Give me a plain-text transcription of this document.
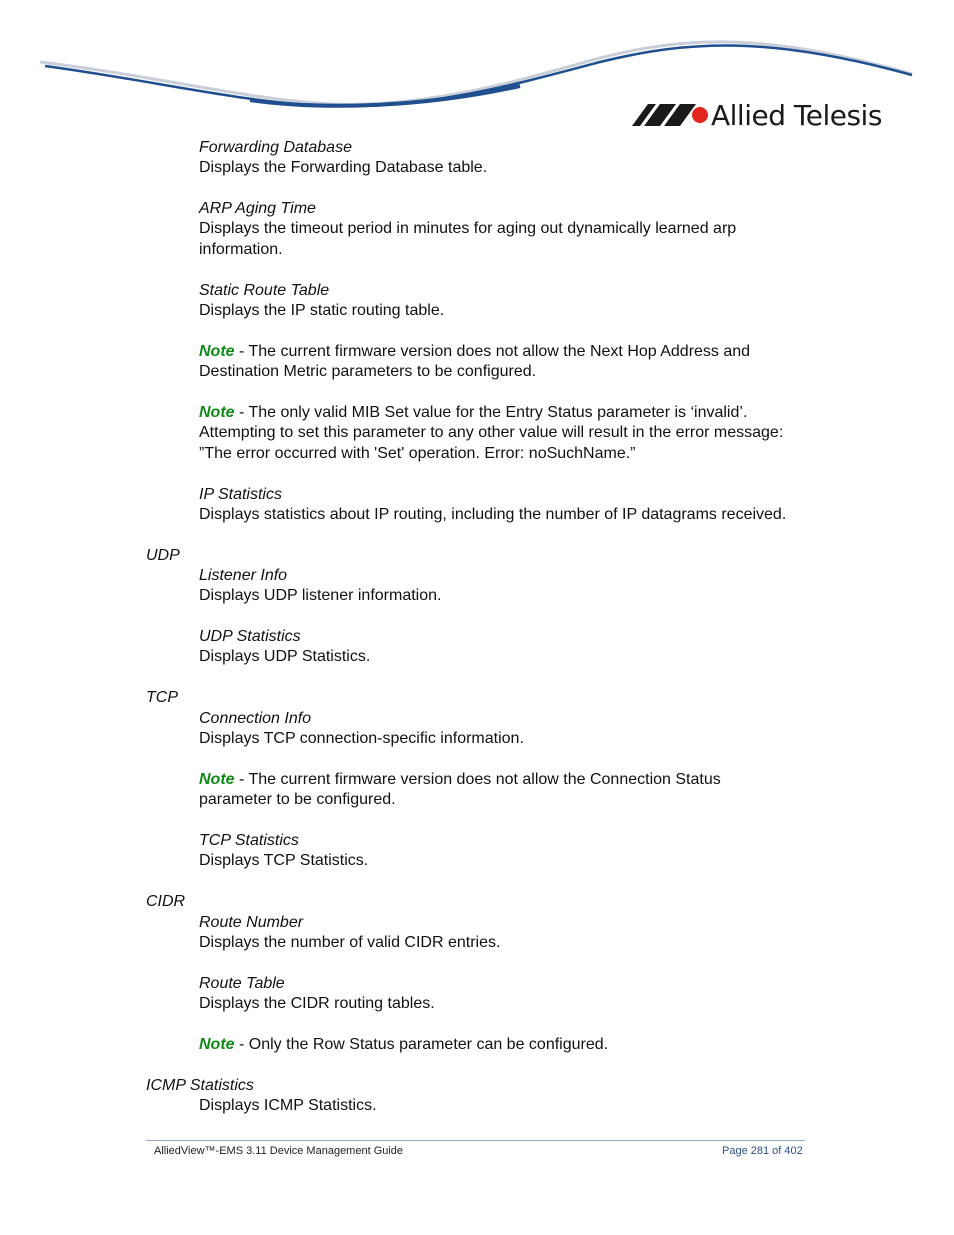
Allied Telesis
Forwarding Database
Displays the Forwarding Database table.
ARP Aging Time
Displays the timeout period in minutes for aging out dynamically learned arp
information.
Static Route Table
Displays the IP static routing table.
Note - The current firmware version does not allow the Next Hop Address and
Destination Metric parameters to be configured.
Note - The only valid MIB Set value for the Entry Status parameter is ‘invalid’.
Attempting to set this parameter to any other value will result in the error message:
”The error occurred with 'Set' operation. Error: noSuchName.”
IP Statistics
Displays statistics about IP routing, including the number of IP datagrams received.
UDP
Listener Info
Displays UDP listener information.
UDP Statistics
Displays UDP Statistics.
TCP
Connection Info
Displays TCP connection-specific information.
Note - The current firmware version does not allow the Connection Status
parameter to be configured.
TCP Statistics
Displays TCP Statistics.
CIDR
Route Number
Displays the number of valid CIDR entries.
Route Table
Displays the CIDR routing tables.
Note - Only the Row Status parameter can be configured.
ICMP Statistics
Displays ICMP Statistics.
AlliedView™-EMS 3.11 Device Management Guide	Page 281 of 402
